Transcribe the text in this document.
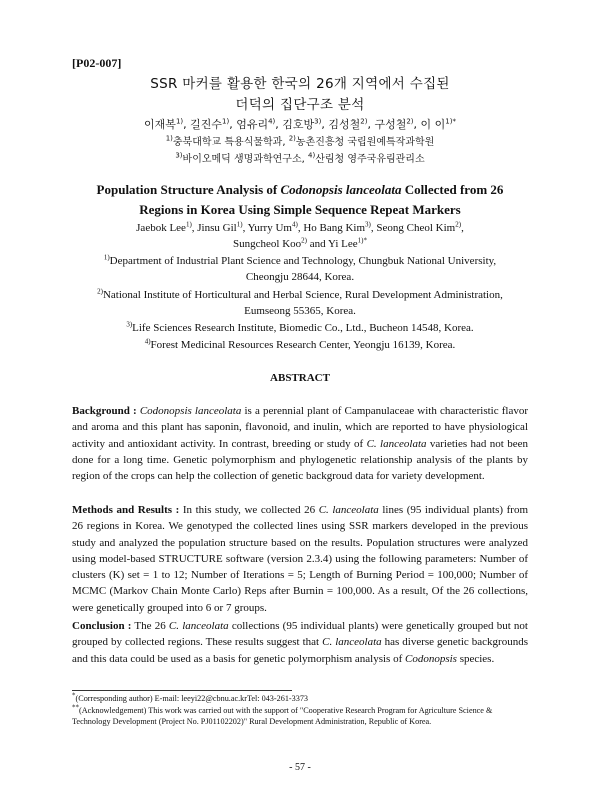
[P02-007]
SSR 마커를 활용한 한국의 26개 지역에서 수집된
더덕의 집단구조 분석
이재복$^{1)}$, 길진수$^{1)}$, 엄유리$^{4)}$, 김호방$^{3)}$, 김성철$^{2)}$, 구성철$^{2)}$, 이 이$^{1)*}$
$^{1)}$충북대학교 특용식물학과, $^{2)}$농촌진흥청 국립원예특작과학원
$^{3)}$바이오메딕 생명과학연구소, $^{4)}$산림청 영주국유림관리소
Population Structure Analysis of Codonopsis lanceolata Collected from 26
Regions in Korea Using Simple Sequence Repeat Markers
Jaebok Lee$^{1)}$, Jinsu Gil$^{1)}$, Yurry Um$^{4)}$, Ho Bang Kim$^{3)}$, Seong Cheol Kim$^{2)}$,
Sungcheol Koo$^{2)}$ and Yi Lee$^{1)*}$
$^{1)}$Department of Industrial Plant Science and Technology, Chungbuk National University,
Cheongju 28644, Korea.
$^{2)}$National Institute of Horticultural and Herbal Science, Rural Development Administration,
Eumseong 55365, Korea.
$^{3)}$Life Sciences Research Institute, Biomedic Co., Ltd., Bucheon 14548, Korea.
$^{4)}$Forest Medicinal Resources Research Center, Yeongju 16139, Korea.
ABSTRACT
Background : Codonopsis lanceolata is a perennial plant of Campanulaceae with characteristic flavor and aroma and this plant has saponin, flavonoid, and inulin, which are reported to have physiological activity and antioxidant activity. In contrast, breeding or study of C. lanceolata varieties had not been done for a long time. Genetic polymorphism and phylogenetic relationship analysis of the plants by region of the crops can help the collection of genetic backgroud data for variety development.
Methods and Results : In this study, we collected 26 C. lanceolata lines (95 individual plants) from 26 regions in Korea. We genotyped the collected lines using SSR markers developed in the previous study and analyzed the population structure based on the results. Population structures were analyzed using model-based STRUCTURE software (version 2.3.4) using the following parameters: Number of clusters (K) set = 1 to 12; Number of Iterations = 5; Length of Burning Period = 100,000; Number of MCMC (Markov Chain Monte Carlo) Reps after Burnin = 100,000. As a result, Of the 26 collections, were genetically grouped into 6 or 7 groups.
Conclusion : The 26 C. lanceolata collections (95 individual plants) were genetically grouped but not grouped by collected regions. These results suggest that C. lanceolata has diverse genetic backgrounds and this data could be used as a basis for genetic polymorphism analysis of Codonopsis species.
*(Corresponding author) E-mail: leeyi22@cbnu.ac.krTel: 043-261-3373
**(Acknowledgement) This work was carried out with the support of "Cooperative Research Program for Agriculture Science & Technology Development (Project No. PJ01102202)" Rural Development Administration, Republic of Korea.
- 57 -
